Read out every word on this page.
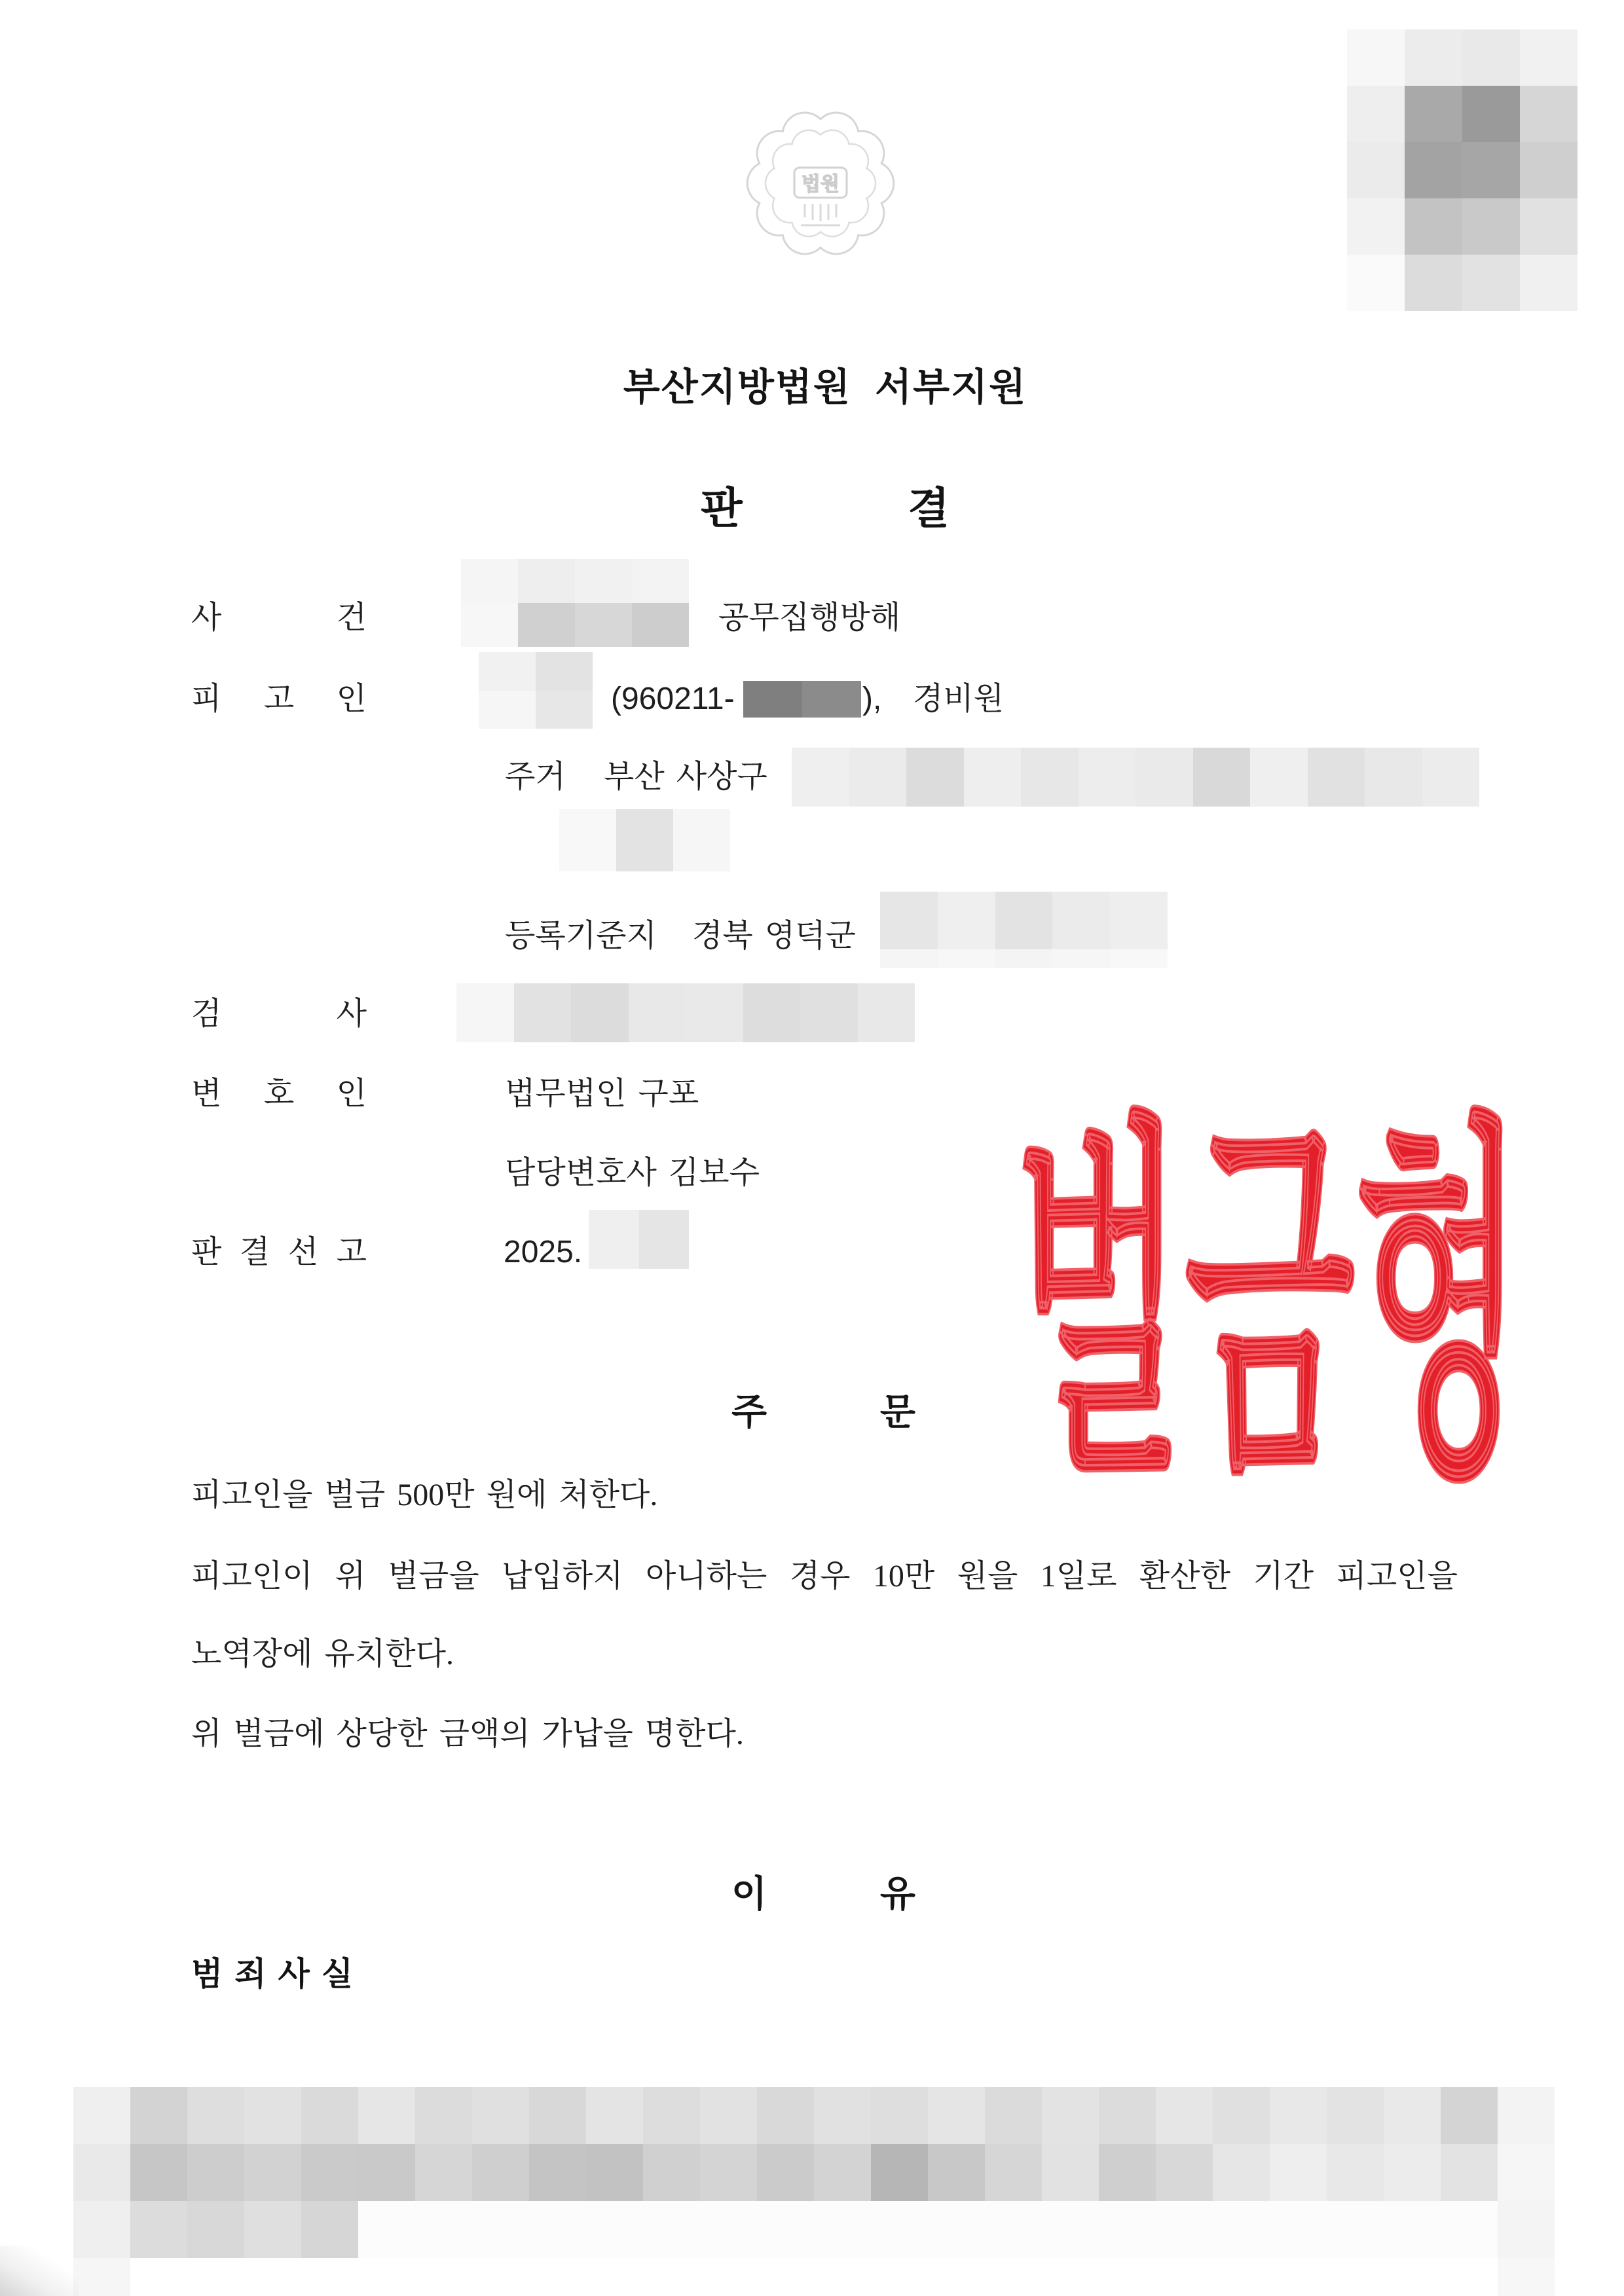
법원
부산지방법원 서부지원
판 결
사 건	공무집행방해
피 고 인	(960211-	), 경비원
주거 부산 사상구
등록기준지 경북 영덕군
검 사
변 호 인	법무법인 구포
담당변호사 김보수
판 결 선 고	2025. 벌금형
주 문
피고인을 벌금 500만 원에 처한다.
피고인이 위 벌금을 납입하지 아니하는 경우 10만 원을 1일로 환산한 기간 피고인을
노역장에 유치한다.
위 벌금에 상당한 금액의 가납을 명한다.
이 유
범죄사실
